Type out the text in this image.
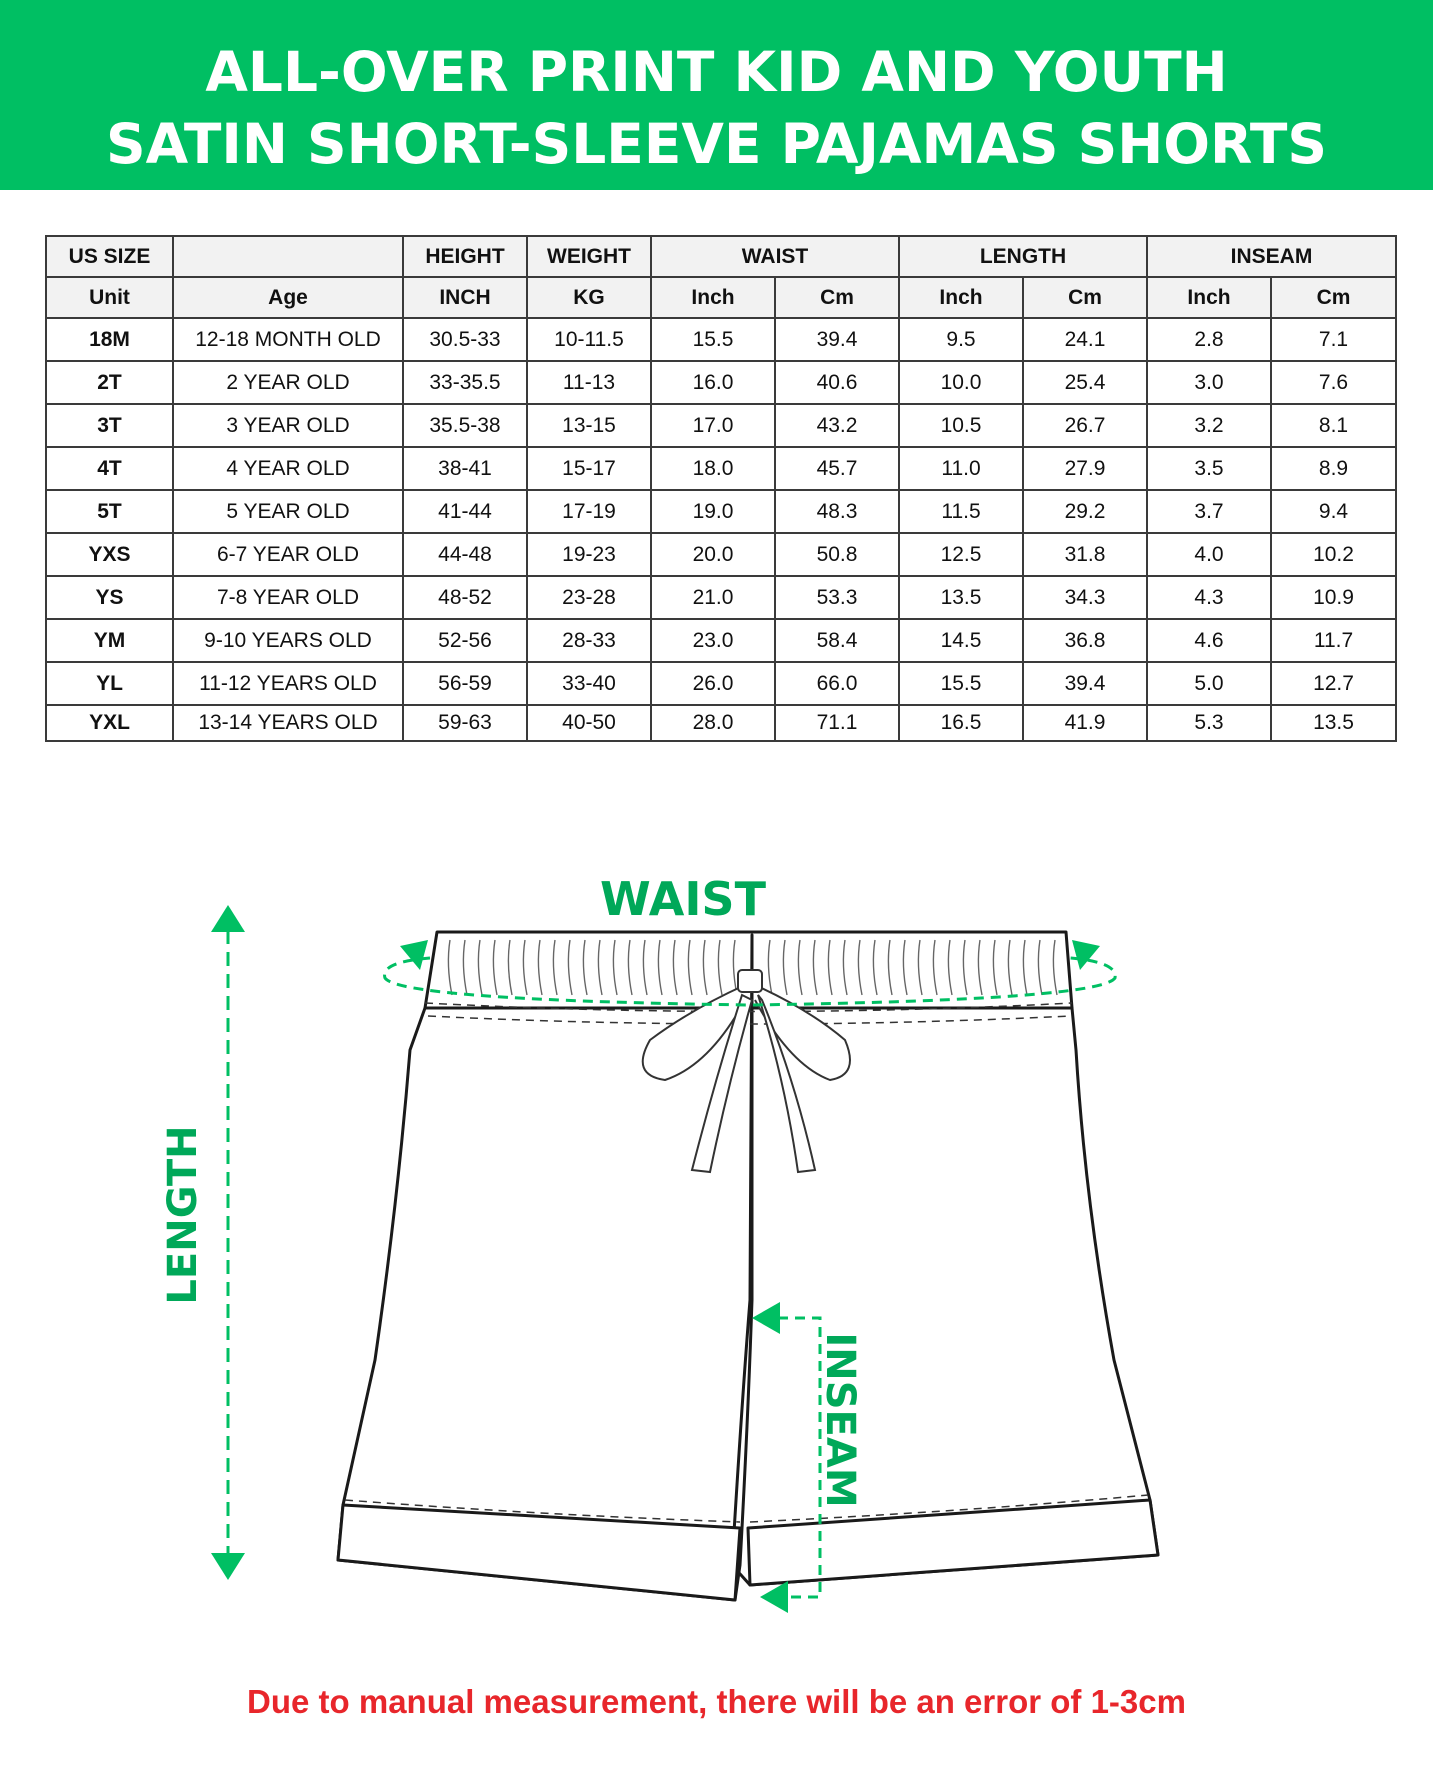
ALL-OVER PRINT KID AND YOUTH
SATIN SHORT-SLEEVE PAJAMAS SHORTS
US SIZE		HEIGHT	WEIGHT	WAIST		LENGTH		INSEAM	
Unit	Age	INCH	KG	Inch	Cm	Inch	Cm	Inch	Cm
18M	12-18 MONTH OLD	30.5-33	10-11.5	15.5	39.4	9.5	24.1	2.8	7.1
2T	2 YEAR OLD	33-35.5	11-13	16.0	40.6	10.0	25.4	3.0	7.6
3T	3 YEAR OLD	35.5-38	13-15	17.0	43.2	10.5	26.7	3.2	8.1
4T	4 YEAR OLD	38-41	15-17	18.0	45.7	11.0	27.9	3.5	8.9
5T	5 YEAR OLD	41-44	17-19	19.0	48.3	11.5	29.2	3.7	9.4
YXS	6-7 YEAR OLD	44-48	19-23	20.0	50.8	12.5	31.8	4.0	10.2
YS	7-8 YEAR OLD	48-52	23-28	21.0	53.3	13.5	34.3	4.3	10.9
YM	9-10 YEARS OLD	52-56	28-33	23.0	58.4	14.5	36.8	4.6	11.7
YL	11-12 YEARS OLD	56-59	33-40	26.0	66.0	15.5	39.4	5.0	12.7
YXL	13-14 YEARS OLD	59-63	40-50	28.0	71.1	16.5	41.9	5.3	13.5
WAIST
LENGTH
INSEAM
Due to manual measurement, there will be an error of 1-3cm
